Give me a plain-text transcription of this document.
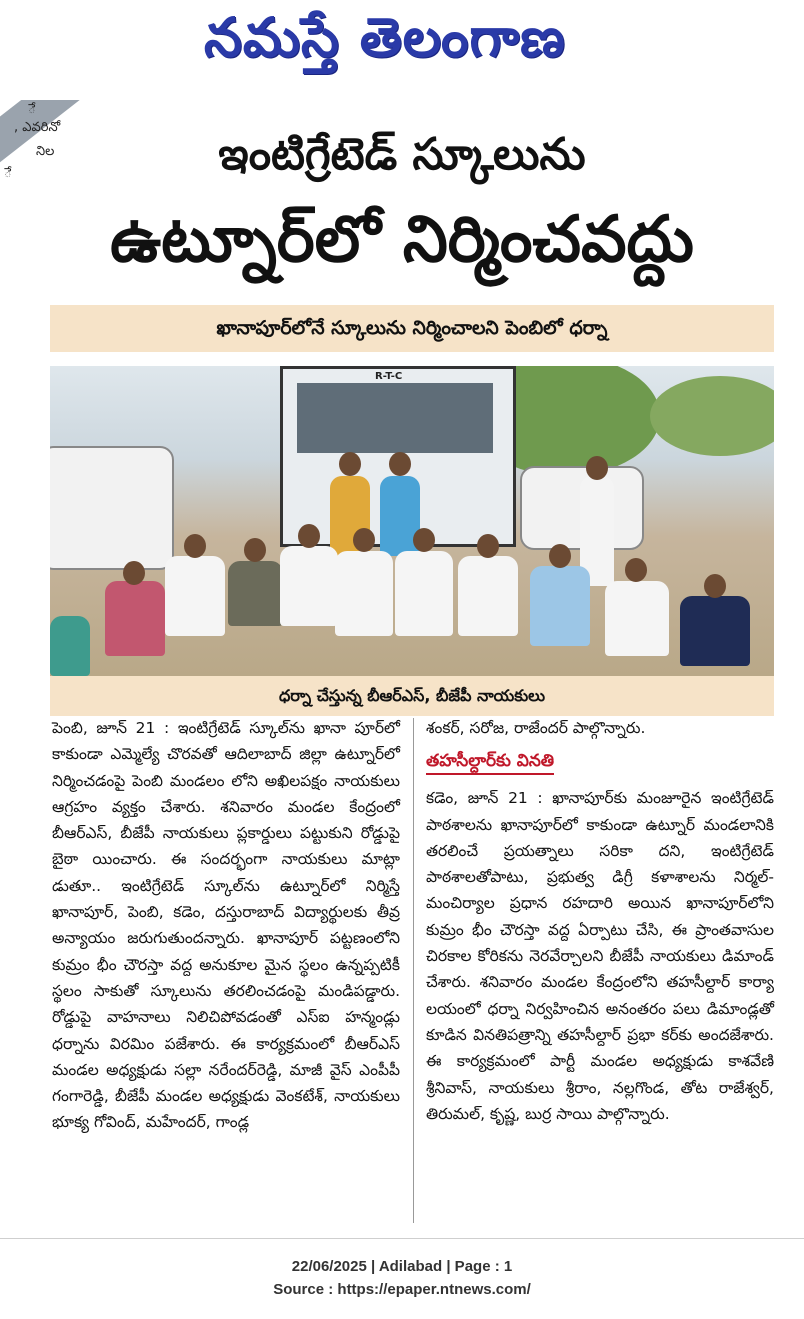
నమస్తే తెలంగాణ
ే
, ఎవరినో
నిల
ే	ఇంటిగ్రేటెడ్ స్కూలును
ఉట్నూర్‌లో నిర్మించవద్దు
ఖానాపూర్‌లోనే స్కూలును నిర్మించాలని పెంబిలో ధర్నా
R-T-C
ధర్నా చేస్తున్న బీఆర్ఎస్, బీజేపీ నాయకులు

పెంబి, జూన్ 21 : ఇంటిగ్రేటెడ్ స్కూల్‌ను ఖానా పూర్‌లో కాకుండా ఎమ్మెల్యే చొరవతో ఆదిలాబాద్ జిల్లా ఉట్నూర్‌లో నిర్మించడంపై పెంబి మండలం లోని అఖిలపక్షం నాయకులు ఆగ్రహం వ్యక్తం చేశారు. శనివారం మండల కేంద్రంలో బీఆర్ఎస్, బీజేపీ నాయకులు ప్లకార్డులు పట్టుకుని రోడ్డుపై బైఠా యించారు. ఈ సందర్భంగా నాయకులు మాట్లా డుతూ.. ఇంటిగ్రేటెడ్ స్కూల్‌ను ఉట్నూర్‌లో నిర్మిస్తే ఖానాపూర్, పెంబి, కడెం, దస్తురాబాద్ విద్యార్థులకు తీవ్ర అన్యాయం జరుగుతుందన్నారు. ఖానాపూర్ పట్టణంలోని కుమ్రం భీం చౌరస్తా వద్ద అనుకూల మైన స్థలం ఉన్నప్పటికీ స్థలం సాకుతో స్కూలును తరలించడంపై మండిపడ్డారు. రోడ్డుపై వాహనాలు నిలిచిపోవడంతో ఎస్ఐ హన్మండ్లు ధర్నాను విరమిం పజేశారు. ఈ కార్యక్రమంలో బీఆర్ఎస్ మండల అధ్యక్షుడు సల్లా నరేందర్‌రెడ్డి, మాజీ వైస్ ఎంపీపీ గంగారెడ్డి, బీజేపీ మండల అధ్యక్షుడు వెంకటేశ్, నాయకులు భూక్య గోవింద్, మహేందర్, గాండ్ల

శంకర్, సరోజ, రాజేందర్ పాల్గొన్నారు.

తహసీల్దార్‌కు వినతి

కడెం, జూన్ 21 : ఖానాపూర్‌కు మంజూరైన ఇంటిగ్రేటెడ్ పాఠశాలను ఖానాపూర్‌లో కాకుండా ఉట్నూర్ మండలానికి తరలించే ప్రయత్నాలు సరికా దని, ఇంటిగ్రేటెడ్ పాఠశాలతోపాటు, ప్రభుత్వ డిగ్రీ కళాశాలను నిర్మల్-మంచిర్యాల ప్రధాన రహదారి అయిన ఖానాపూర్‌లోని కుమ్రం భీం చౌరస్తా వద్ద ఏర్పాటు చేసి, ఈ ప్రాంతవాసుల చిరకాల కోరికను నెరవేర్చాలని బీజేపీ నాయకులు డిమాండ్ చేశారు. శనివారం మండల కేంద్రంలోని తహసీల్దార్ కార్యా లయంలో ధర్నా నిర్వహించిన అనంతరం పలు డిమాండ్లతో కూడిన వినతిపత్రాన్ని తహసీల్దార్ ప్రభా కర్‌కు అందజేశారు. ఈ కార్యక్రమంలో పార్టీ మండల అధ్యక్షుడు కాశవేణి శ్రీనివాస్, నాయకులు శ్రీరాం, నల్లగొండ, తోట రాజేశ్వర్, తిరుమల్, కృష్ణ, బుర్ర సాయి పాల్గొన్నారు.

22/06/2025 | Adilabad | Page : 1
Source : https://epaper.ntnews.com/
